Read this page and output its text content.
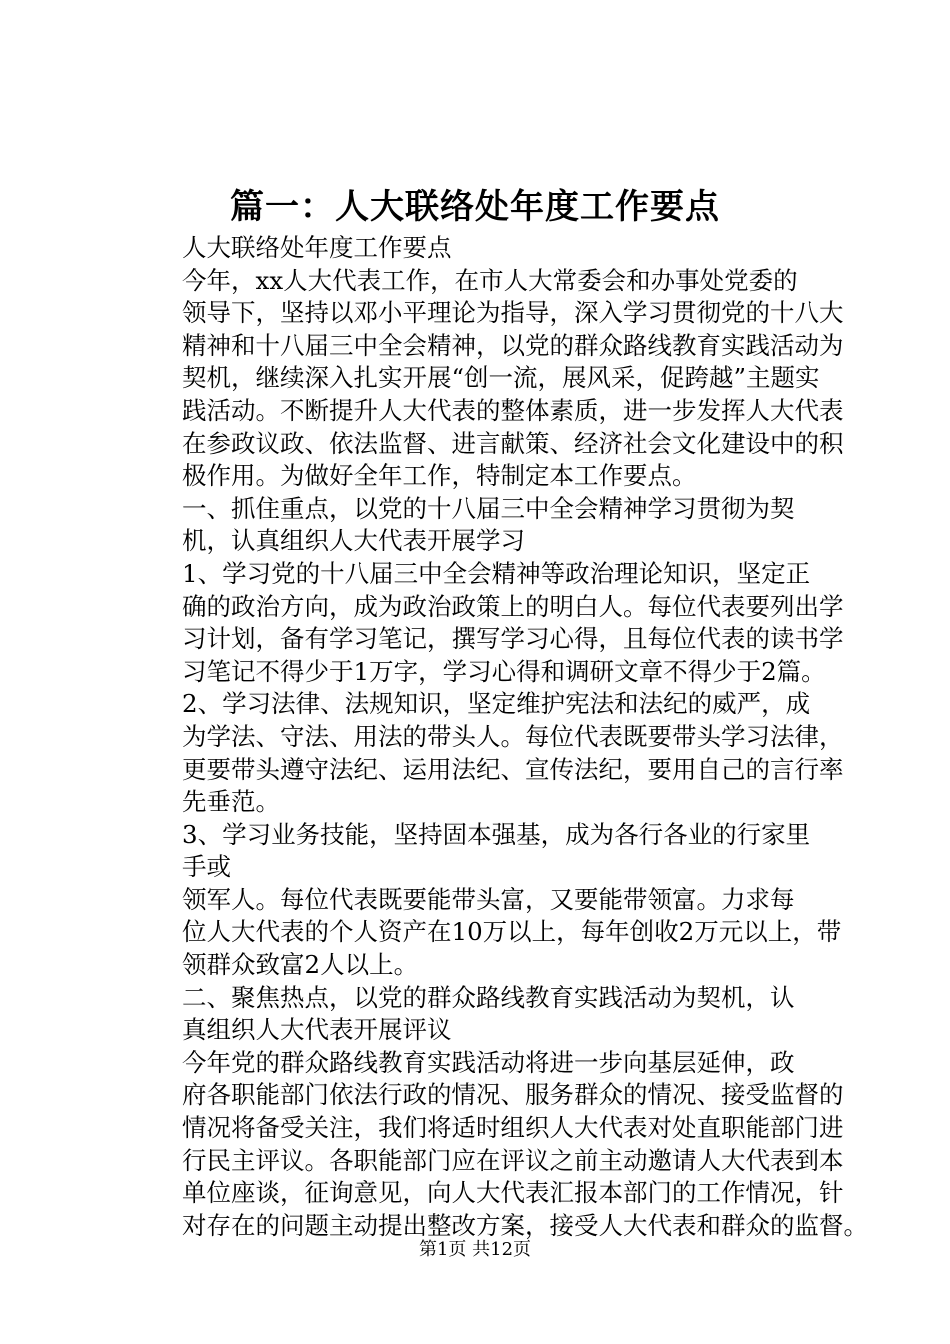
篇一：人大联络处年度工作要点

人大联络处年度工作要点

今年，xx人大代表工作，在市人大常委会和办事处党委的
领导下，坚持以邓小平理论为指导，深入学习贯彻党的十八大
精神和十八届三中全会精神，以党的群众路线教育实践活动为
契机，继续深入扎实开展“创一流，展风采，促跨越”主题实
践活动。不断提升人大代表的整体素质，进一步发挥人大代表
在参政议政、依法监督、进言献策、经济社会文化建设中的积
极作用。为做好全年工作，特制定本工作要点。

一、抓住重点，以党的十八届三中全会精神学习贯彻为契
机，认真组织人大代表开展学习

1、学习党的十八届三中全会精神等政治理论知识，坚定正
确的政治方向，成为政治政策上的明白人。每位代表要列出学
习计划，备有学习笔记，撰写学习心得，且每位代表的读书学
习笔记不得少于1万字，学习心得和调研文章不得少于2篇。

2、学习法律、法规知识，坚定维护宪法和法纪的威严，成
为学法、守法、用法的带头人。每位代表既要带头学习法律，
更要带头遵守法纪、运用法纪、宣传法纪，要用自己的言行率
先垂范。

3、学习业务技能，坚持固本强基，成为各行各业的行家里
手或

领军人。每位代表既要能带头富，又要能带领富。力求每
位人大代表的个人资产在10万以上，每年创收2万元以上，带
领群众致富2人以上。

二、聚焦热点，以党的群众路线教育实践活动为契机，认
真组织人大代表开展评议

今年党的群众路线教育实践活动将进一步向基层延伸，政
府各职能部门依法行政的情况、服务群众的情况、接受监督的
情况将备受关注，我们将适时组织人大代表对处直职能部门进
行民主评议。各职能部门应在评议之前主动邀请人大代表到本
单位座谈，征询意见，向人大代表汇报本部门的工作情况，针
对存在的问题主动提出整改方案，接受人大代表和群众的监督。

第1页 共12页
